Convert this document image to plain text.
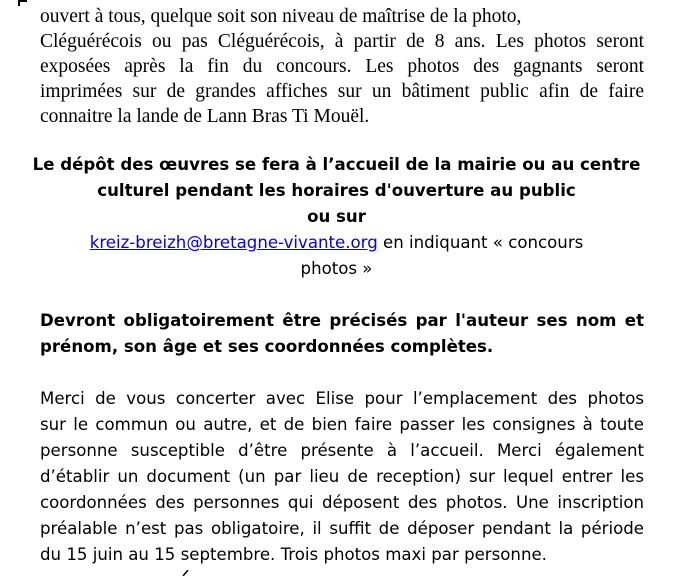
ouvert à tous, quelque soit son niveau de maîtrise de la photo,

Cléguérécois ou pas Cléguérécois, à partir de 8 ans. Les photos seront

exposées après la fin du concours. Les photos des gagnants seront

imprimées sur de grandes affiches sur un bâtiment public afin de faire

connaitre la lande de Lann Bras Ti Mouël.

Le dépôt des œuvres se fera à l’accueil de la mairie ou au centre

culturel pendant les horaires d'ouverture au public

ou sur

kreiz-breizh@bretagne-vivante.org en indiquant « concours

photos »

Devront obligatoirement être précisés par l'auteur ses nom et

prénom, son âge et ses coordonnées complètes.

Merci de vous concerter avec Elise pour l’emplacement des photos

sur le commun ou autre, et de bien faire passer les consignes à toute

personne susceptible d’être présente à l’accueil. Merci également

d’établir un document (un par lieu de reception) sur lequel entrer les

coordonnées des personnes qui déposent des photos. Une inscription

préalable n’est pas obligatoire, il suffit de déposer pendant la période

du 15 juin au 15 septembre. Trois photos maxi par personne.
